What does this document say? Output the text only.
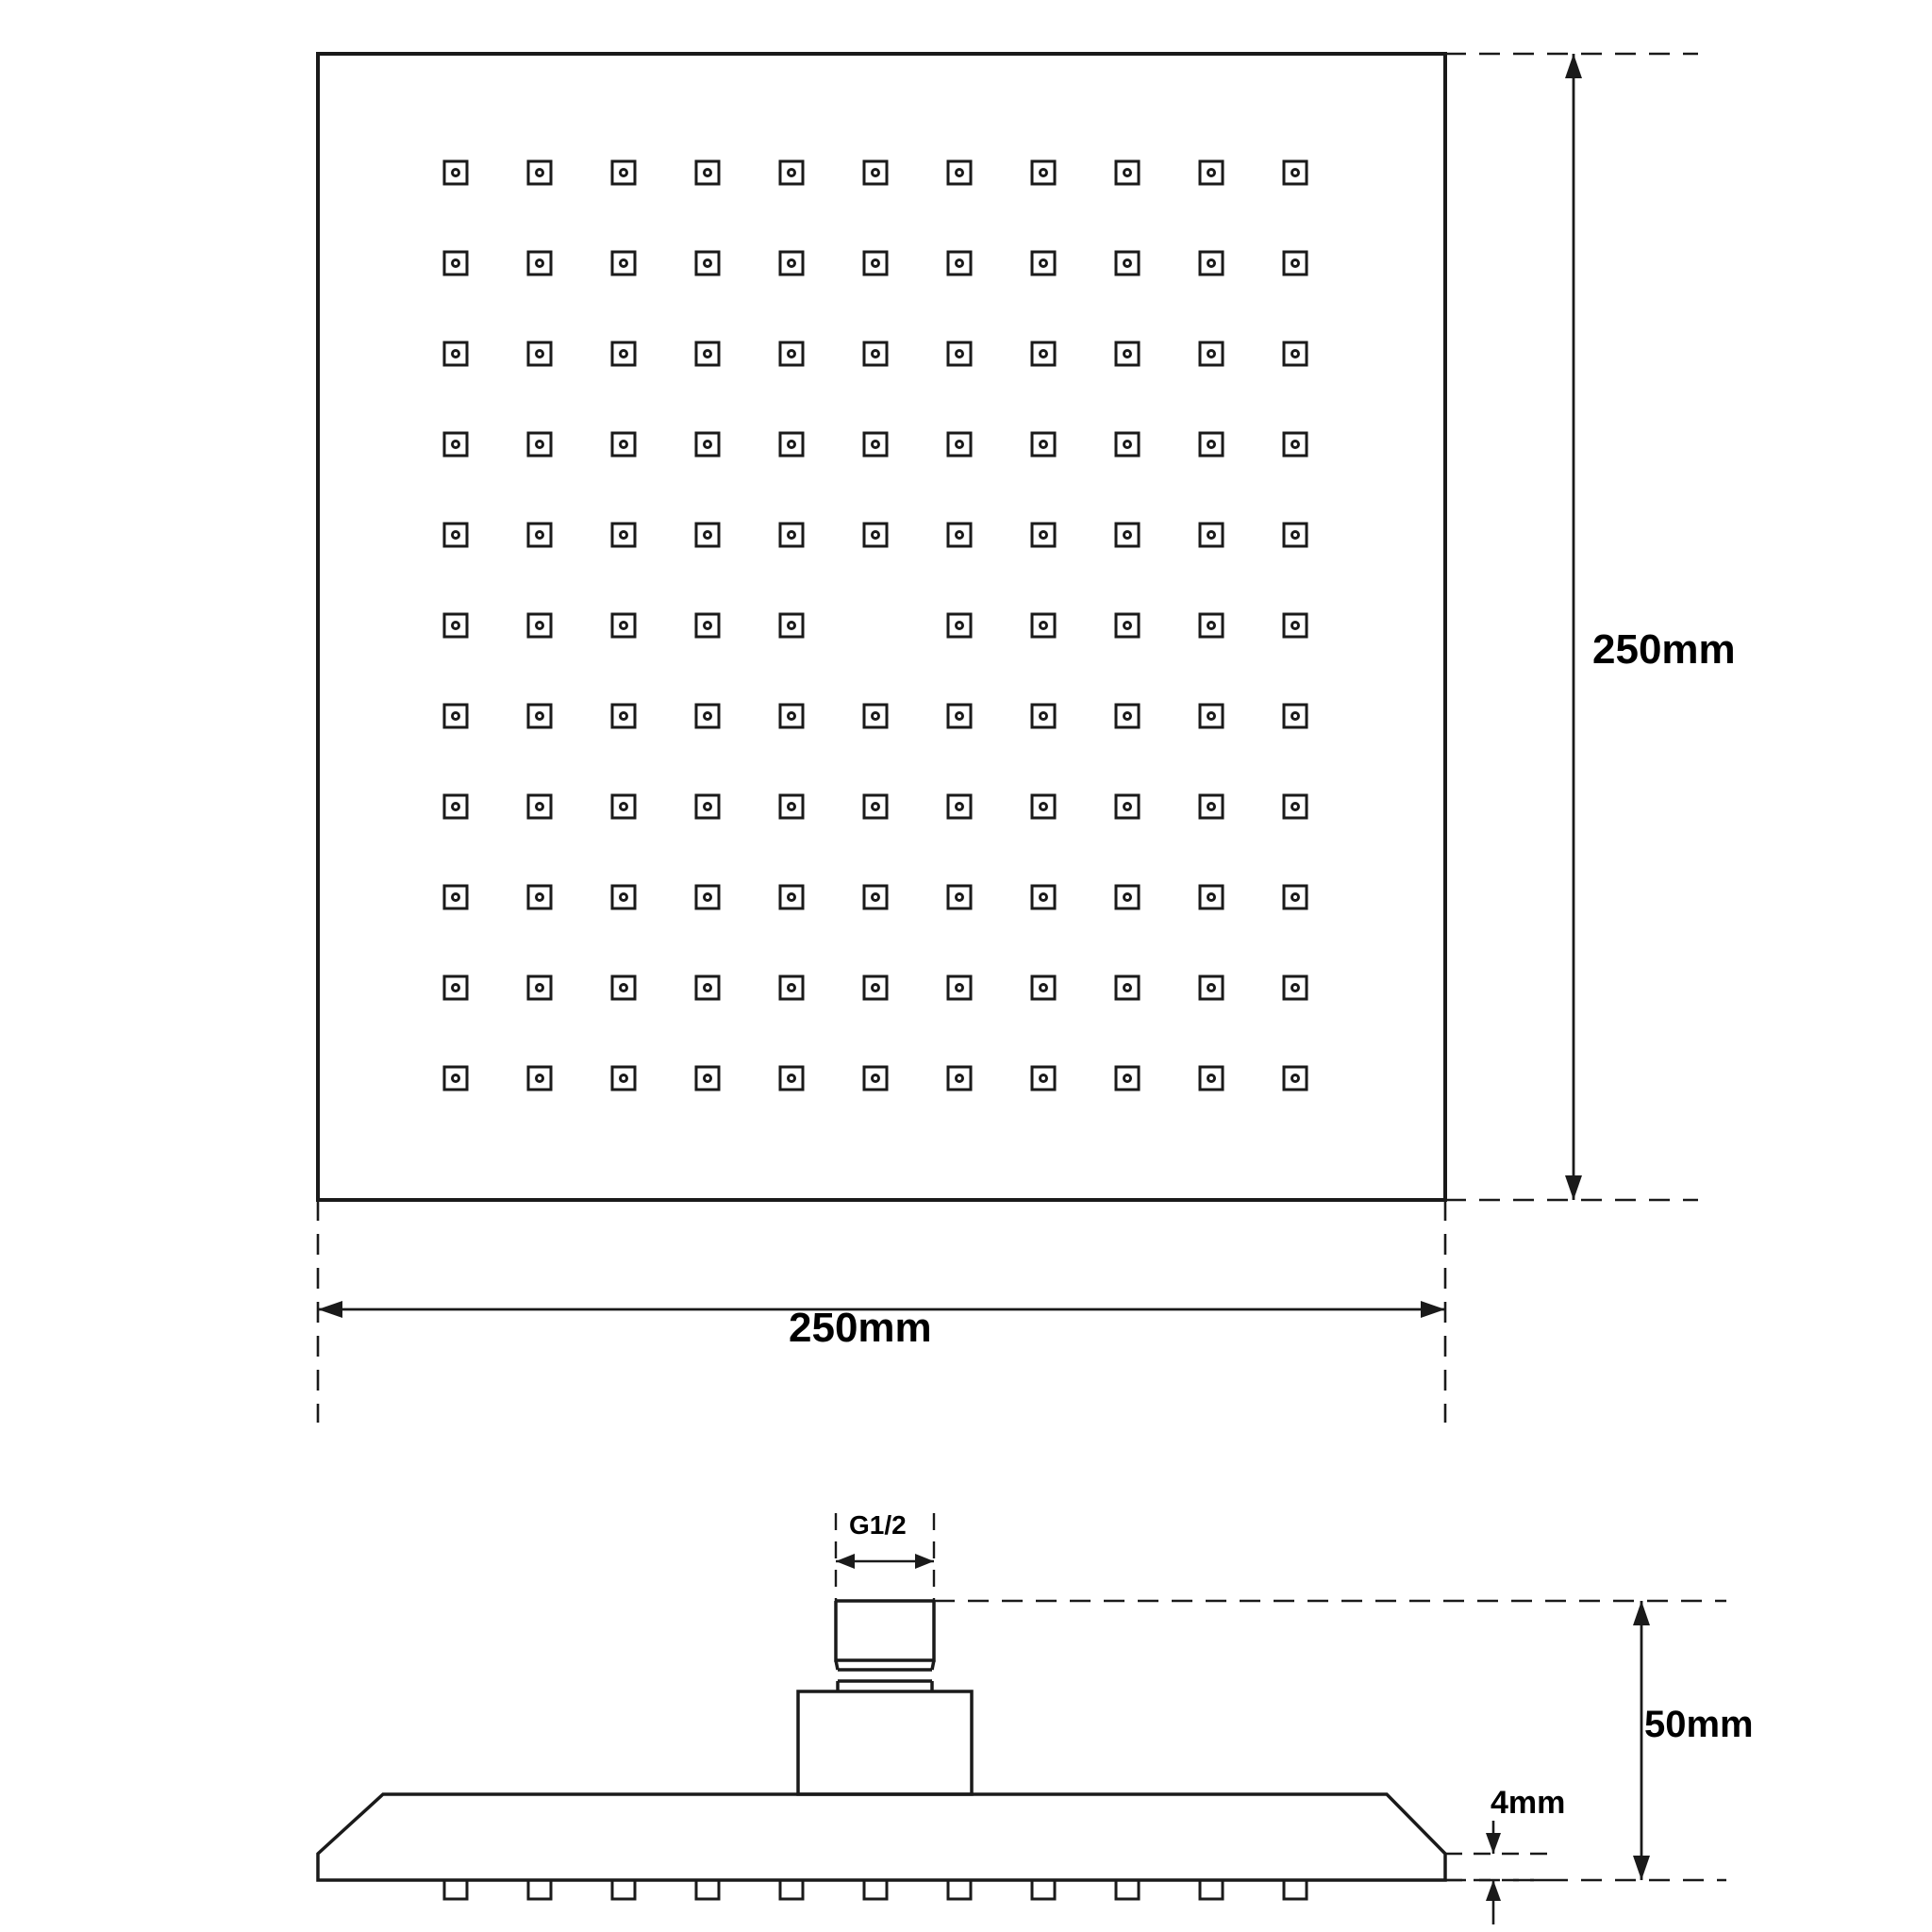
250mm
250mm
50mm
4mm
G1/2
